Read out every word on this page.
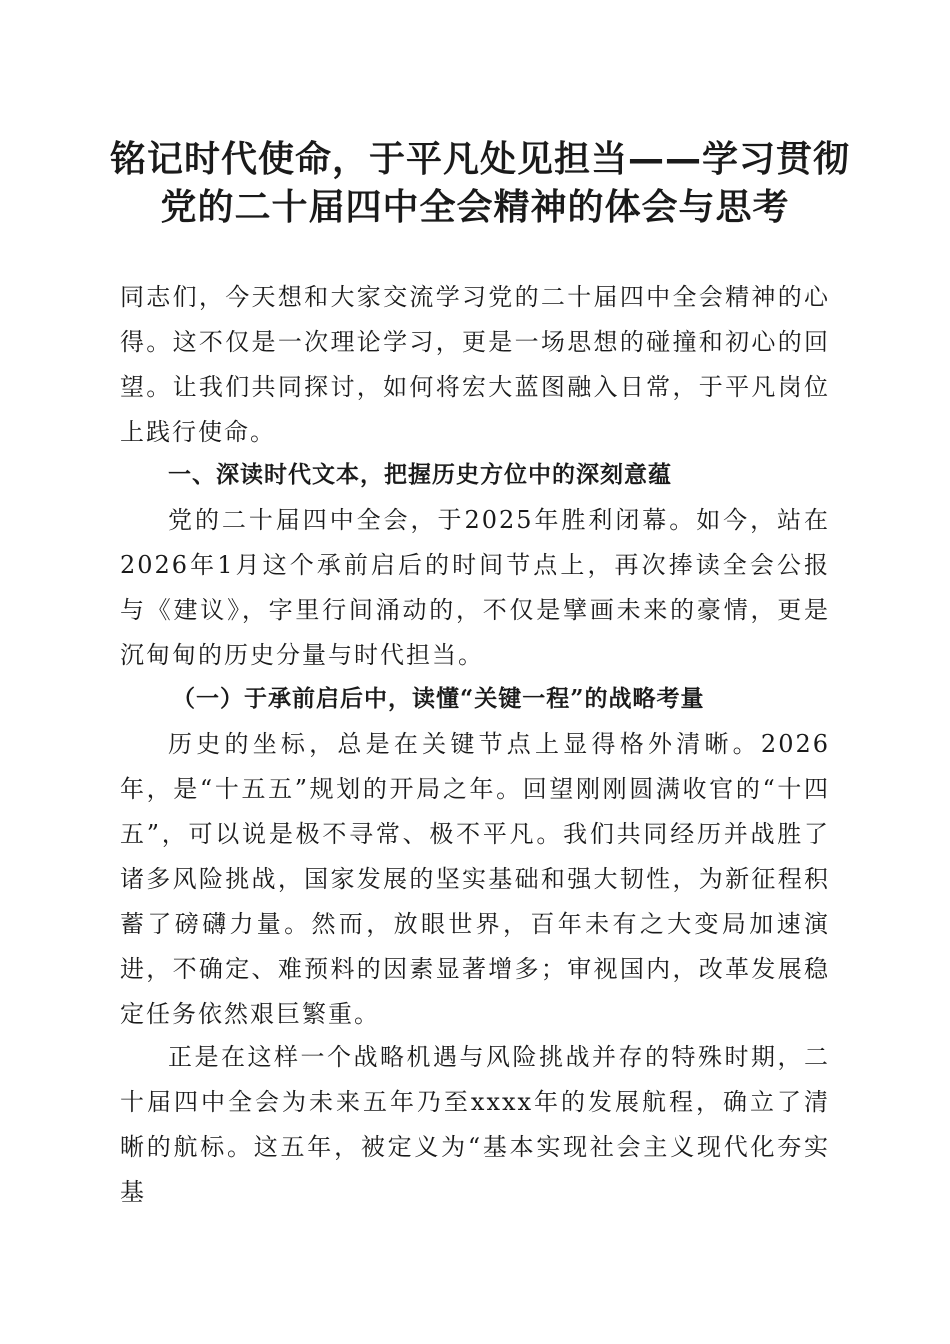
铭记时代使命，于平凡处见担当——学习贯彻
党的二十届四中全会精神的体会与思考

同志们，今天想和大家交流学习党的二十届四中全会精神的心得。这不仅是一次理论学习，更是一场思想的碰撞和初心的回望。让我们共同探讨，如何将宏大蓝图融入日常，于平凡岗位上践行使命。

一、深读时代文本，把握历史方位中的深刻意蕴

党的二十届四中全会，于2025年胜利闭幕。如今，站在2026年1月这个承前启后的时间节点上，再次捧读全会公报与《建议》，字里行间涌动的，不仅是擘画未来的豪情，更是沉甸甸的历史分量与时代担当。

（一）于承前启后中，读懂“关键一程”的战略考量

历史的坐标，总是在关键节点上显得格外清晰。2026年，是“十五五”规划的开局之年。回望刚刚圆满收官的“十四五”，可以说是极不寻常、极不平凡。我们共同经历并战胜了诸多风险挑战，国家发展的坚实基础和强大韧性，为新征程积蓄了磅礴力量。然而，放眼世界，百年未有之大变局加速演进，不确定、难预料的因素显著增多；审视国内，改革发展稳定任务依然艰巨繁重。

正是在这样一个战略机遇与风险挑战并存的特殊时期，二十届四中全会为未来五年乃至xxxx年的发展航程，确立了清晰的航标。这五年，被定义为“基本实现社会主义现代化夯实基
